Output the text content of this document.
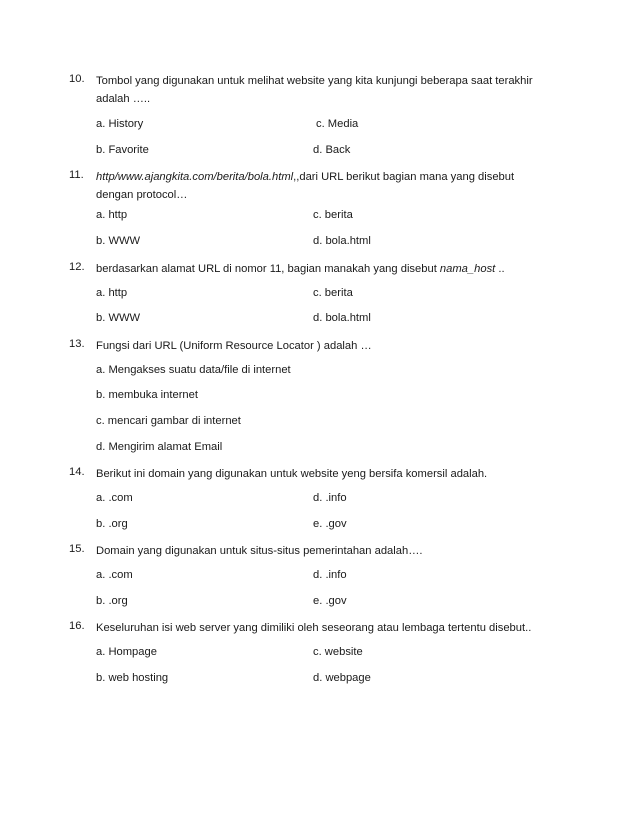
10.	Tombol yang digunakan untuk melihat website yang kita kunjungi beberapa saat terakhir
adalah …..
a. History	c. Media
b. Favorite	d. Back
11.	http/www.ajangkita.com/berita/bola.html,,dari URL berikut bagian mana yang disebut
dengan protocol…
a. http	c. berita
b. WWW	d. bola.html
12.	berdasarkan alamat URL di nomor 11, bagian manakah yang disebut nama_host ..
a. http	c. berita
b. WWW	d. bola.html
13.	Fungsi dari URL (Uniform Resource Locator ) adalah …
a. Mengakses suatu data/file di internet
b. membuka internet
c. mencari gambar di internet
d. Mengirim alamat Email
14.	Berikut ini domain yang digunakan untuk website yeng bersifa komersil adalah.
a. .com	d. .info
b. .org	e. .gov
15.	Domain yang digunakan untuk situs-situs pemerintahan adalah….
a. .com	d. .info
b. .org	e. .gov
16.	Keseluruhan isi web server yang dimiliki oleh seseorang atau lembaga tertentu disebut..
a. Hompage	c. website
b. web hosting	d. webpage
